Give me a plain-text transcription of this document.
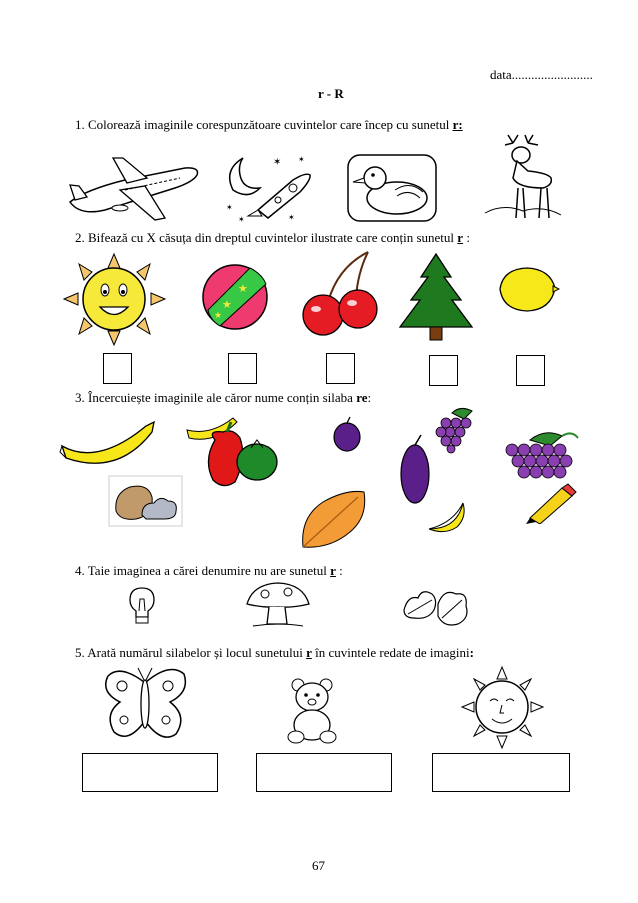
data.........................
r - R
1. Colorează imaginile corespunzătoare cuvintelor care încep cu sunetul r:
✶ ✶
✶
✶	✶
2. Bifează cu X căsuța din dreptul cuvintelor ilustrate care conțin sunetul r :
★
★
★
3. Încercuiește imaginile ale căror nume conțin silaba re:
4. Taie imaginea a cărei denumire nu are sunetul r :
5. Arată numărul silabelor și locul sunetului r în cuvintele redate de imagini:
67
